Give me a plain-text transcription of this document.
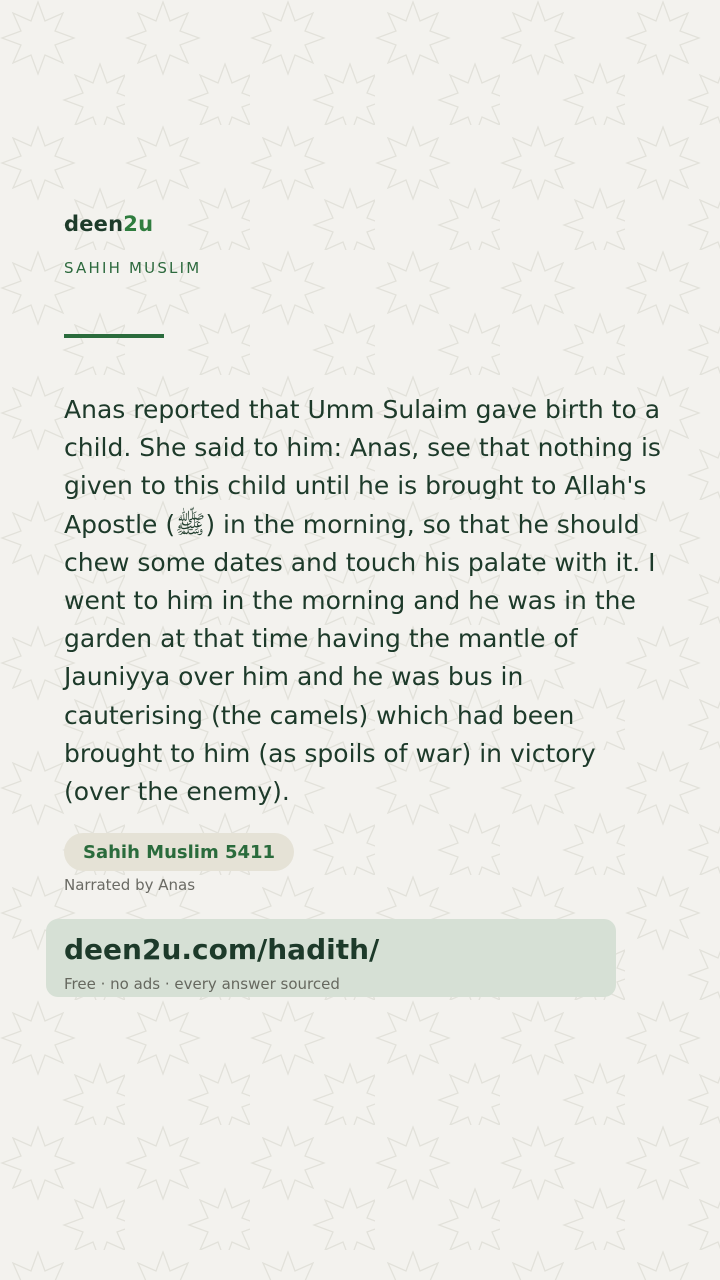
deen2u
SAHIH MUSLIM

Anas reported that Umm Sulaim gave birth to a child. She said to him: Anas, see that nothing is given to this child until he is brought to Allah's Apostle (ﷺ) in the morning, so that he should chew some dates and touch his palate with it. I went to him in the morning and he was in the garden at that time having the mantle of Jauniyya over him and he was bus in cauterising (the camels) which had been brought to him (as spoils of war) in victory (over the enemy).

Sahih Muslim 5411
Narrated by Anas
deen2u.com/hadith/
Free · no ads · every answer sourced
